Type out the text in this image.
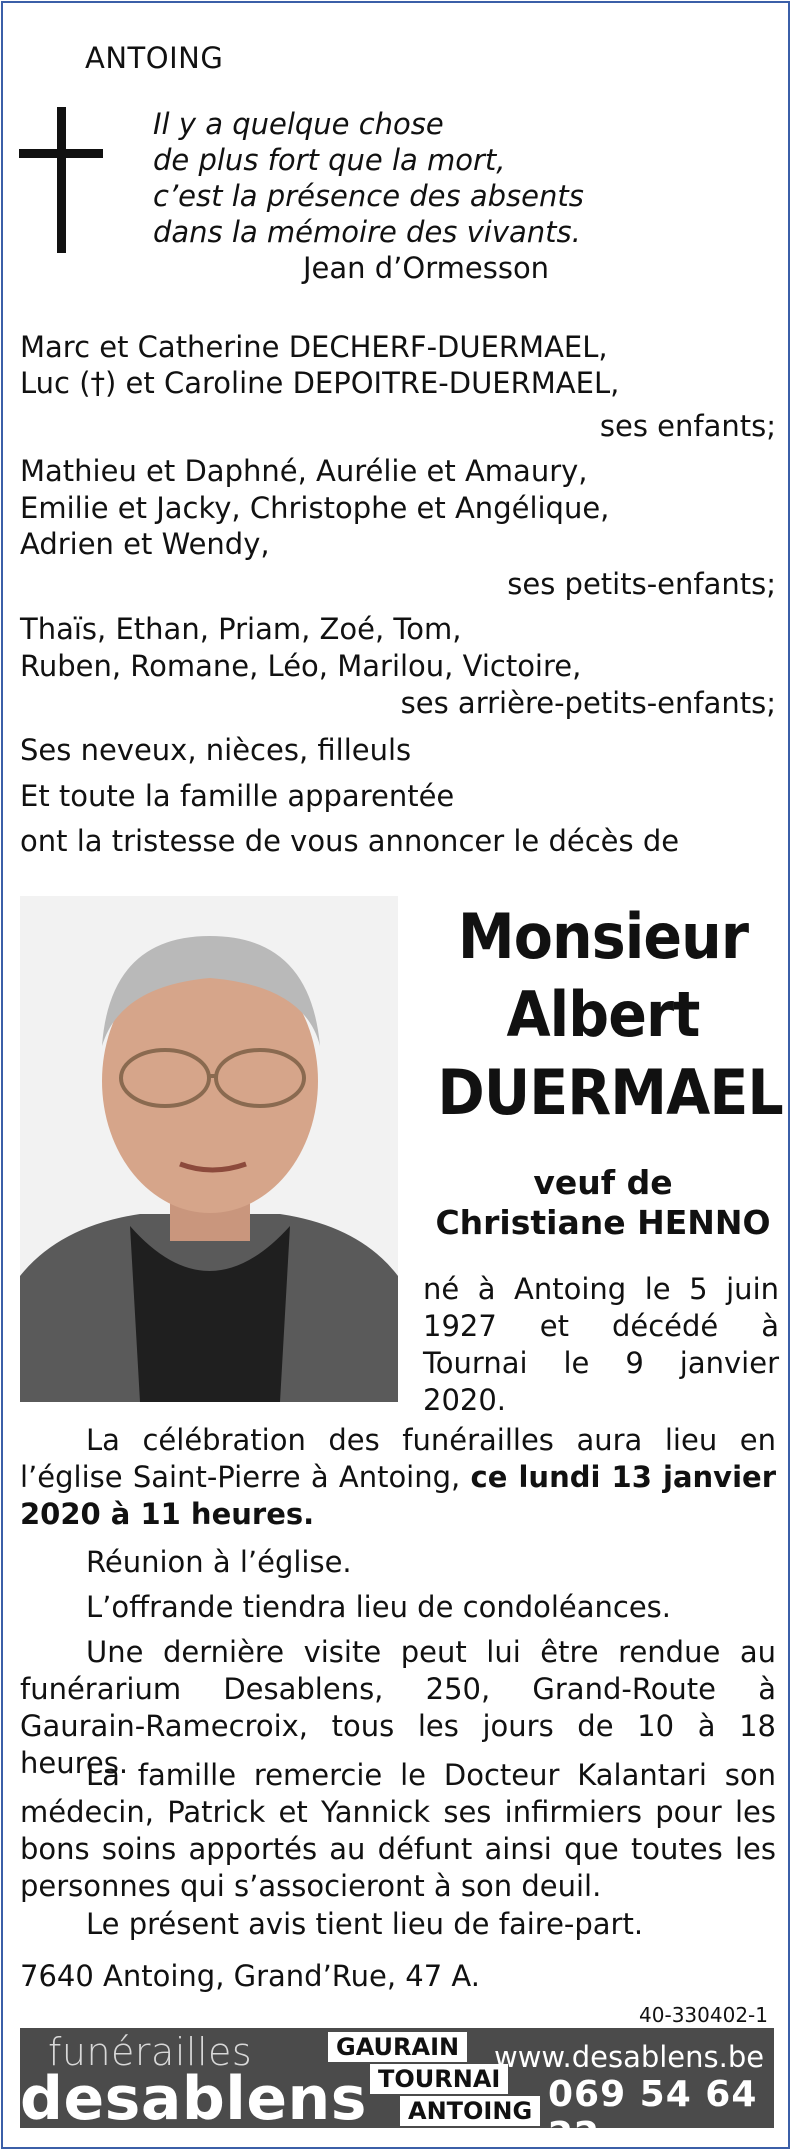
ANTOING
Il y a quelque chose
de plus fort que la mort,
c’est la présence des absents
dans la mémoire des vivants.
Jean d’Ormesson
Marc et Catherine DECHERF-DUERMAEL,
Luc (†) et Caroline DEPOITRE-DUERMAEL,
ses enfants;
Mathieu et Daphné, Aurélie et Amaury,
Emilie et Jacky, Christophe et Angélique,
Adrien et Wendy,
ses petits-enfants;
Thaïs, Ethan, Priam, Zoé, Tom,
Ruben, Romane, Léo, Marilou, Victoire,
ses arrière-petits-enfants;
Ses neveux, nièces, filleuls
Et toute la famille apparentée
ont la tristesse de vous annoncer le décès de
Monsieur
Albert
DUERMAEL
veuf de
Christiane HENNO
né à Antoing le 5 juin 1927 et décédé à Tournai le 9 janvier 2020.
La célébration des funérailles aura lieu en l’église Saint-Pierre à Antoing, ce lundi 13 janvier 2020 à 11 heures.
Réunion à l’église.
L’offrande tiendra lieu de condoléances.
Une dernière visite peut lui être rendue au funérarium Desablens, 250, Grand-Route à Gaurain-Ramecroix, tous les jours de 10 à 18 heures.
La famille remercie le Docteur Kalantari son médecin, Patrick et Yannick ses infirmiers pour les bons soins apportés au défunt ainsi que toutes les personnes qui s’associeront à son deuil.
Le présent avis tient lieu de faire-part.
7640 Antoing, Grand’Rue, 47 A.
40-330402-1
funérailles
desablens
GAURAIN
TOURNAI
ANTOING
www.desablens.be
069 54 64 22
